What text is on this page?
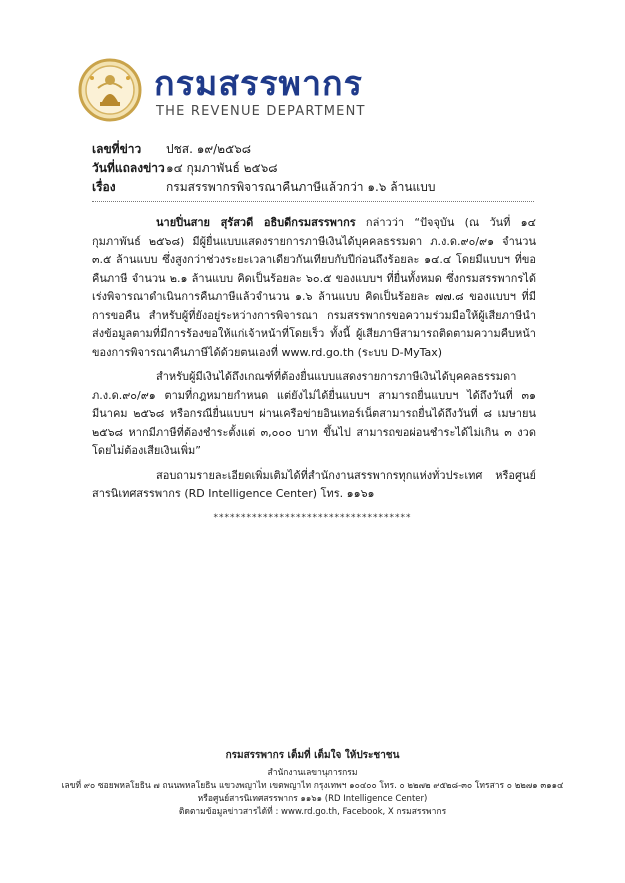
กรมสรรพากร
THE REVENUE DEPARTMENT
เลขที่ข่าว	ปชส. ๑๙/๒๕๖๘
วันที่แถลงข่าว ๑๔ กุมภาพันธ์ ๒๕๖๘
เรื่อง	กรมสรรพากรพิจารณาคืนภาษีแล้วกว่า ๑.๖ ล้านแบบ

นายปิ่นสาย สุรัสวดี อธิบดีกรมสรรพากร กล่าวว่า “ปัจจุบัน (ณ วันที่ ๑๔ กุมภาพันธ์ ๒๕๖๘) มีผู้ยื่นแบบแสดงรายการภาษีเงินได้บุคคลธรรมดา ภ.ง.ด.๙๐/๙๑ จำนวน ๓.๕ ล้านแบบ ซึ่งสูงกว่าช่วงระยะเวลาเดียวกันเทียบกับปีก่อนถึงร้อยละ ๑๔.๔ โดยมีแบบฯ ที่ขอคืนภาษี จำนวน ๒.๑ ล้านแบบ คิดเป็นร้อยละ ๖๐.๕ ของแบบฯ ที่ยื่นทั้งหมด ซึ่งกรมสรรพากรได้เร่งพิจารณาดำเนินการคืนภาษีแล้วจำนวน ๑.๖ ล้านแบบ คิดเป็นร้อยละ ๗๗.๘ ของแบบฯ ที่มีการขอคืน สำหรับผู้ที่ยังอยู่ระหว่างการพิจารณา กรมสรรพากรขอความร่วมมือให้ผู้เสียภาษีนำส่งข้อมูลตามที่มีการร้องขอให้แก่เจ้าหน้าที่โดยเร็ว ทั้งนี้ ผู้เสียภาษีสามารถติดตามความคืบหน้าของการพิจารณาคืนภาษีได้ด้วยตนเองที่ www.rd.go.th (ระบบ D-MyTax)

สำหรับผู้มีเงินได้ถึงเกณฑ์ที่ต้องยื่นแบบแสดงรายการภาษีเงินได้บุคคลธรรมดา ภ.ง.ด.๙๐/๙๑ ตามที่กฎหมายกำหนด แต่ยังไม่ได้ยื่นแบบฯ สามารถยื่นแบบฯ ได้ถึงวันที่ ๓๑ มีนาคม ๒๕๖๘ หรือกรณียื่นแบบฯ ผ่านเครือข่ายอินเทอร์เน็ตสามารถยื่นได้ถึงวันที่ ๘ เมษายน ๒๕๖๘ หากมีภาษีที่ต้องชำระตั้งแต่ ๓,๐๐๐ บาท ขึ้นไป สามารถขอผ่อนชำระได้ไม่เกิน ๓ งวด โดยไม่ต้องเสียเงินเพิ่ม”

สอบถามรายละเอียดเพิ่มเติมได้ที่สำนักงานสรรพากรทุกแห่งทั่วประเทศ หรือศูนย์สารนิเทศสรรพากร (RD Intelligence Center) โทร. ๑๑๖๑

************************************
กรมสรรพากร เต็มที่ เต็มใจ ให้ประชาชน
สำนักงานเลขานุการกรม
เลขที่ ๙๐ ซอยพหลโยธิน ๗ ถนนพหลโยธิน แขวงพญาไท เขตพญาไท กรุงเทพฯ ๑๐๔๐๐ โทร. ๐ ๒๒๗๒ ๙๕๒๘-๓๐ โทรสาร ๐ ๒๒๗๑ ๓๑๑๔
หรือศูนย์สารนิเทศสรรพากร ๑๑๖๑ (RD Intelligence Center)
ติดตามข้อมูลข่าวสารได้ที่ : www.rd.go.th, Facebook, X กรมสรรพากร
